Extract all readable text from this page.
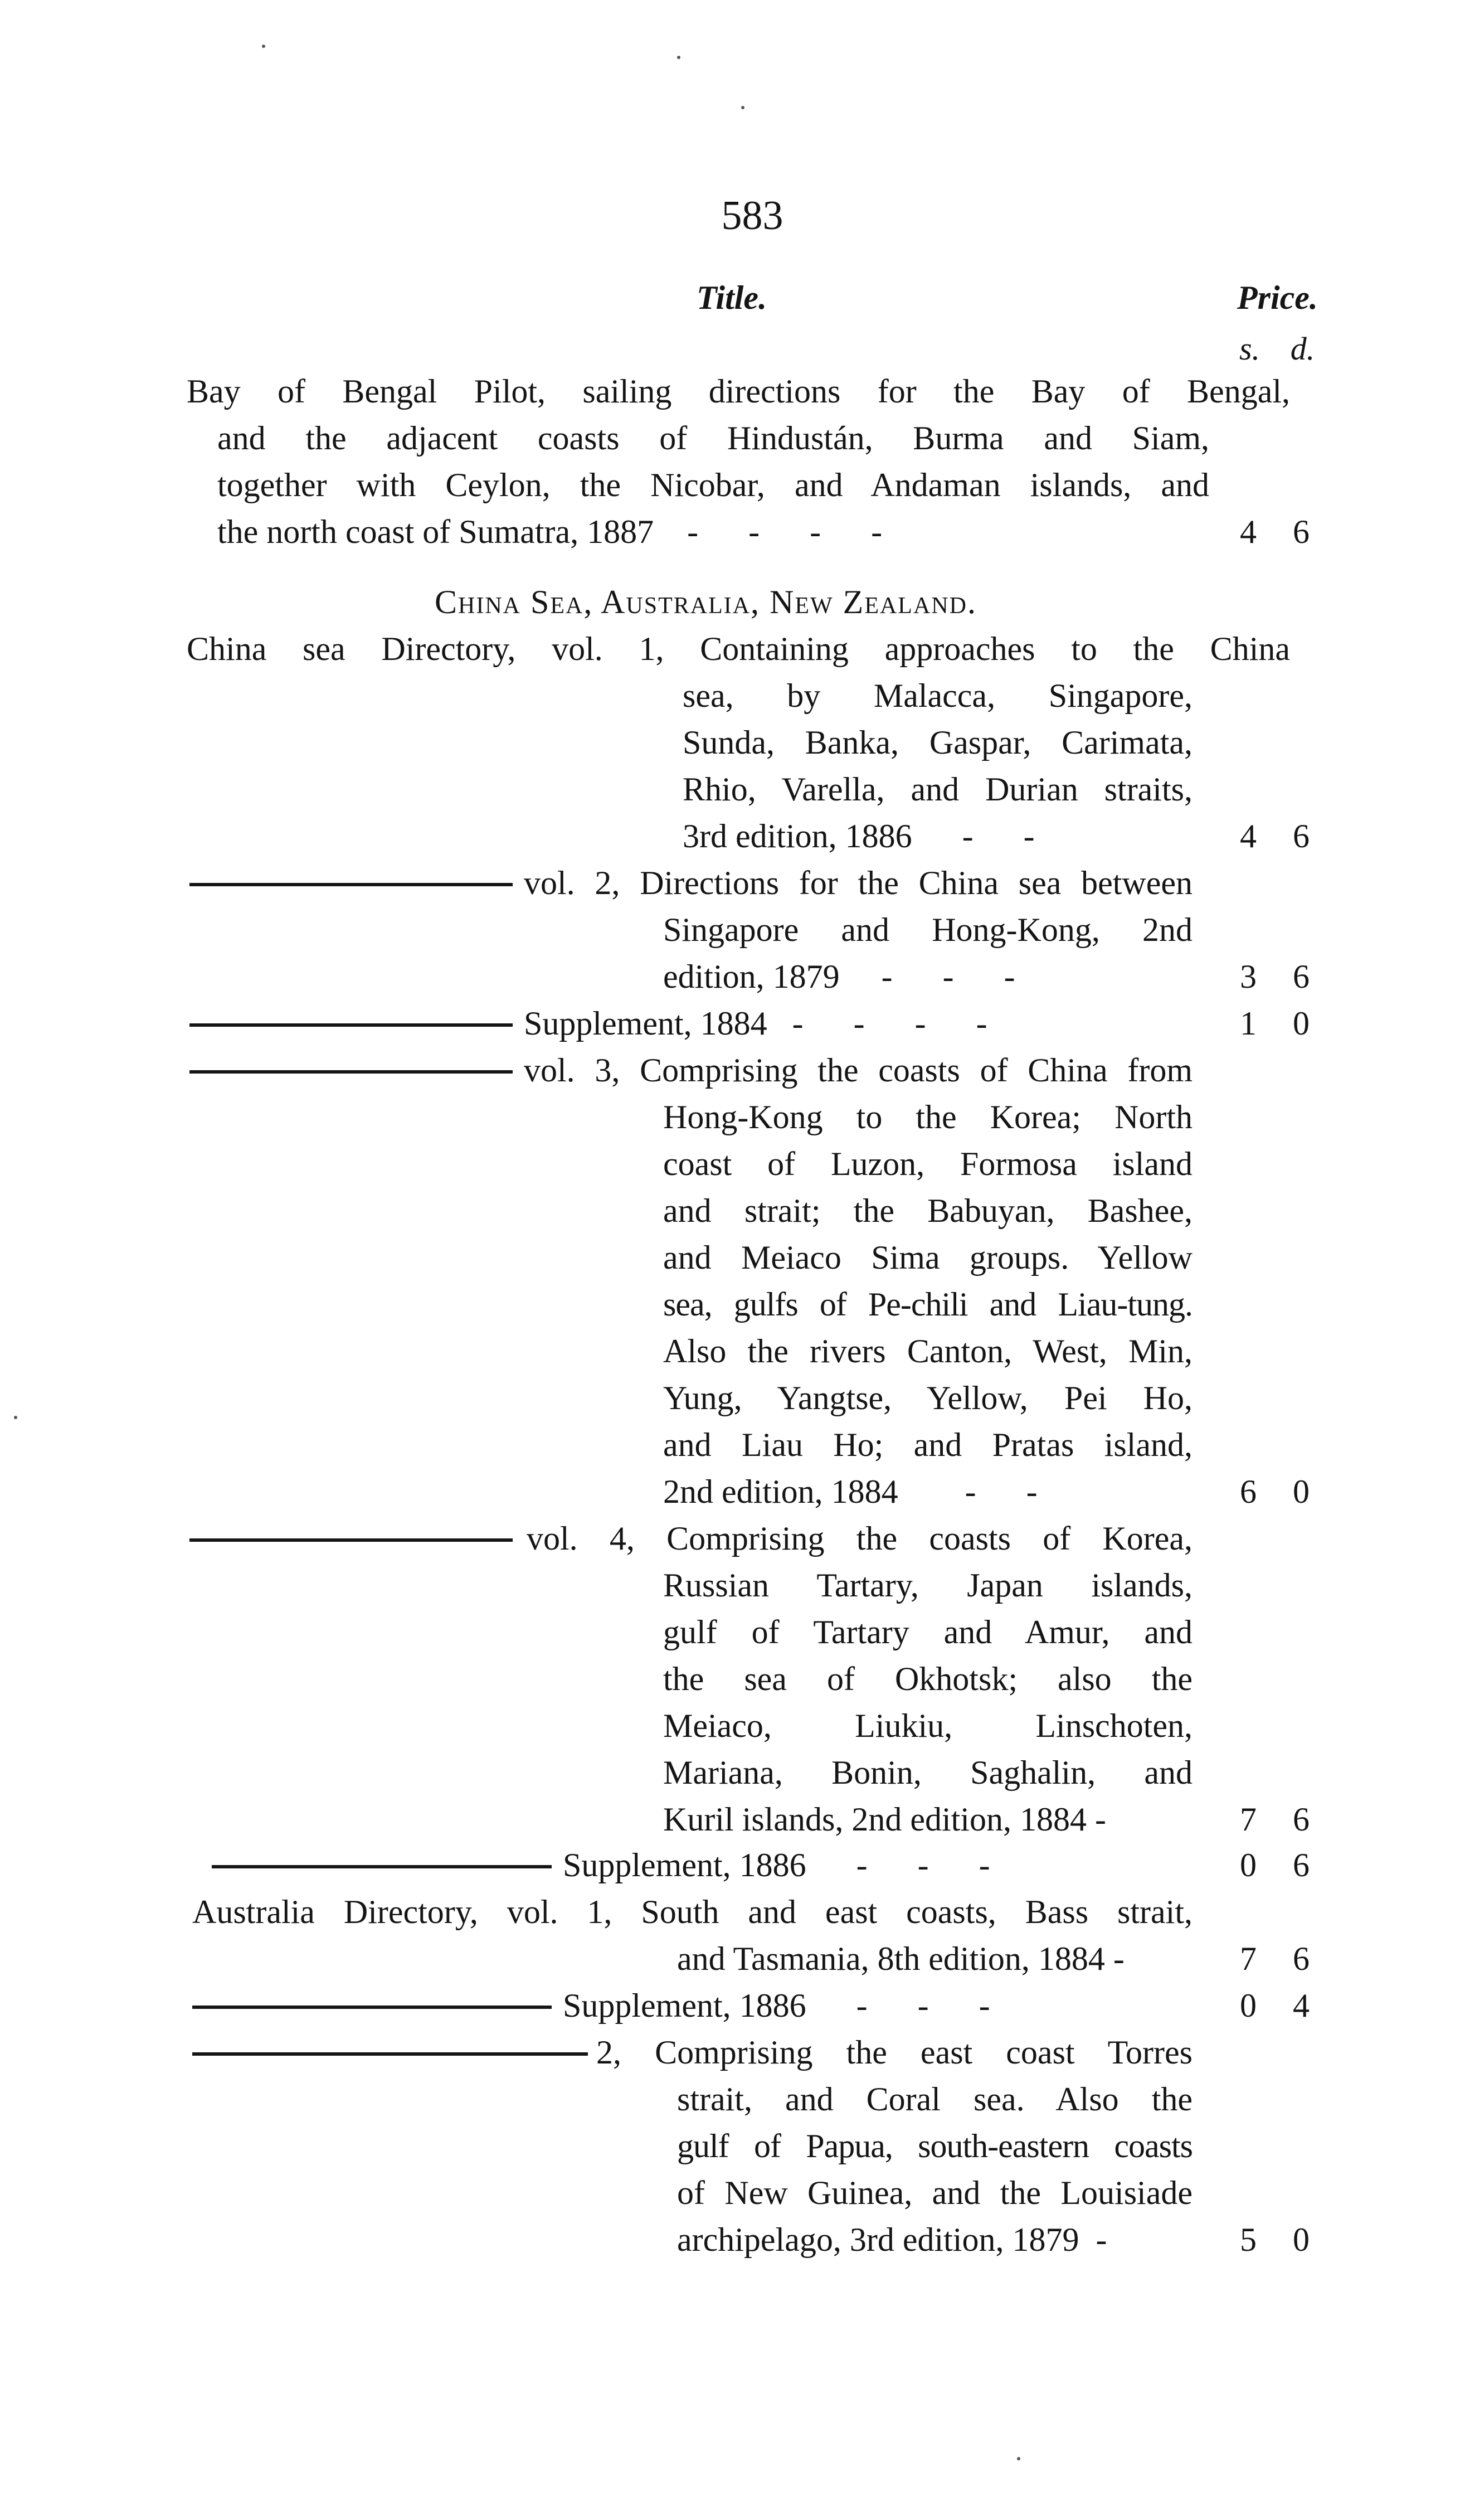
583
Title.	Price.
s. d.
Bay of Bengal Pilot, sailing directions for the Bay of Bengal,
and the adjacent coasts of Hindustán, Burma and Siam,
together with Ceylon, the Nicobar, and Andaman islands, and
the north coast of Sumatra, 1887    -      -      -      -	4	6
China Sea, Australia, New Zealand.
China sea Directory, vol. 1, Containing approaches to the China
sea, by Malacca, Singapore,
Sunda, Banka, Gaspar, Carimata,
Rhio, Varella, and Durian straits,
3rd edition, 1886      -      -	4	6
vol. 2, Directions for the China sea between
Singapore and Hong-Kong, 2nd
edition, 1879     -      -      -	3	6
Supplement, 1884   -      -      -      -	1	0
vol. 3, Comprising the coasts of China from
Hong-Kong to the Korea; North
coast of Luzon, Formosa island
and strait; the Babuyan, Bashee,
and Meiaco Sima groups. Yellow
sea, gulfs of Pe-chili and Liau-tung.
Also the rivers Canton, West, Min,
Yung, Yangtse, Yellow, Pei Ho,
and Liau Ho; and Pratas island,
2nd edition, 1884        -      -	6	0
vol. 4, Comprising the coasts of Korea,
Russian Tartary, Japan islands,
gulf of Tartary and Amur, and
the sea of Okhotsk; also the
Meiaco, Liukiu, Linschoten,
Mariana, Bonin, Saghalin, and
Kuril islands, 2nd edition, 1884 -	7	6
Supplement, 1886      -      -      -	0	6
Australia Directory, vol. 1, South and east coasts, Bass strait,
and Tasmania, 8th edition, 1884 -	7	6
Supplement, 1886      -      -      -	0	4
2, Comprising the east coast Torres
strait, and Coral sea. Also the
gulf of Papua, south-eastern coasts
of New Guinea, and the Louisiade
archipelago, 3rd edition, 1879  -	5	0
